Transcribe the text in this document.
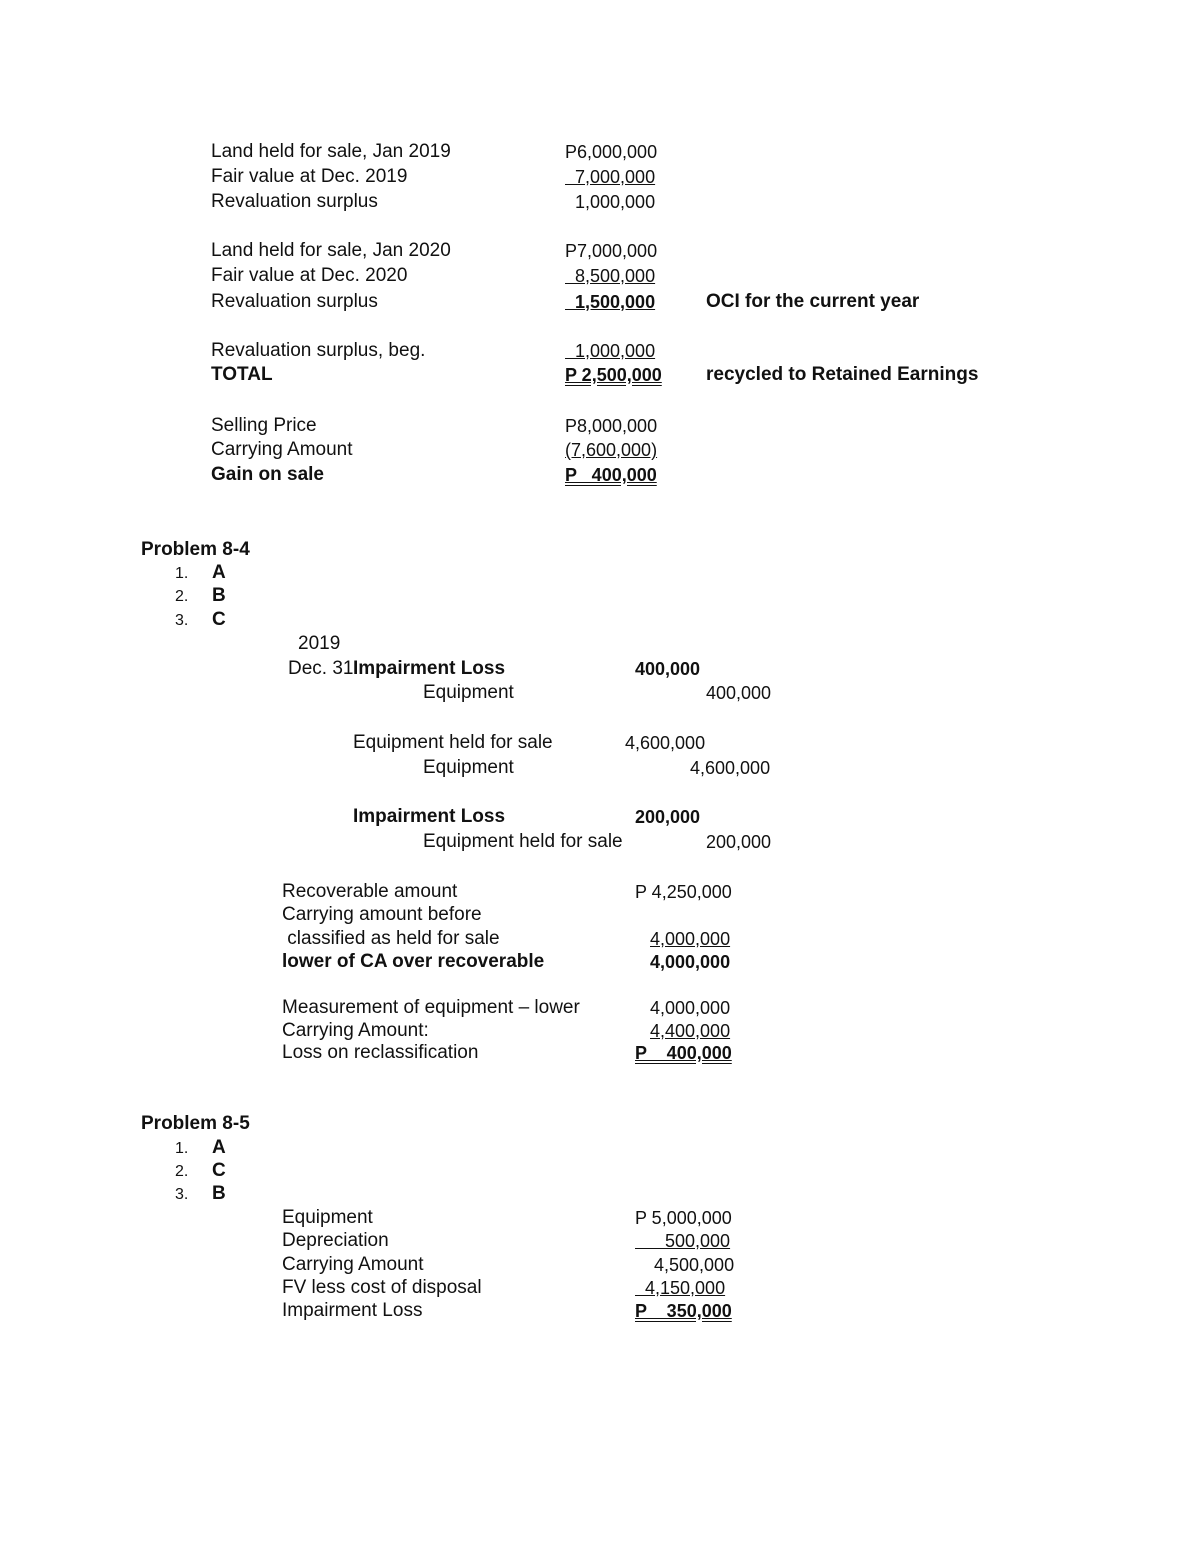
Land held for sale, Jan 2019	P6,000,000
Fair value at Dec. 2019	7,000,000
Revaluation surplus	1,000,000
Land held for sale, Jan 2020	P7,000,000
Fair value at Dec. 2020	8,500,000
Revaluation surplus	1,500,000	OCI for the current year
Revaluation surplus, beg.	1,000,000
TOTAL	P 2,500,000 recycled to Retained Earnings
Selling Price	P8,000,000
Carrying Amount	(7,600,000)
Gain on sale	P   400,000
Problem 8-4
1. A
2. B
3. C
2019
Dec. 31 Impairment Loss	400,000
Equipment	400,000
Equipment held for sale	4,600,000
Equipment	4,600,000
Impairment Loss	200,000
Equipment held for sale	200,000
Recoverable amount	P 4,250,000
Carrying amount before
classified as held for sale	4,000,000
lower of CA over recoverable	4,000,000
Measurement of equipment – lower	4,000,000
Carrying Amount:	4,400,000
Loss on reclassification	P    400,000
Problem 8-5
1. A
2. C
3. B
Equipment	P 5,000,000
Depreciation	500,000
Carrying Amount	4,500,000
FV less cost of disposal	4,150,000
Impairment Loss	P    350,000
